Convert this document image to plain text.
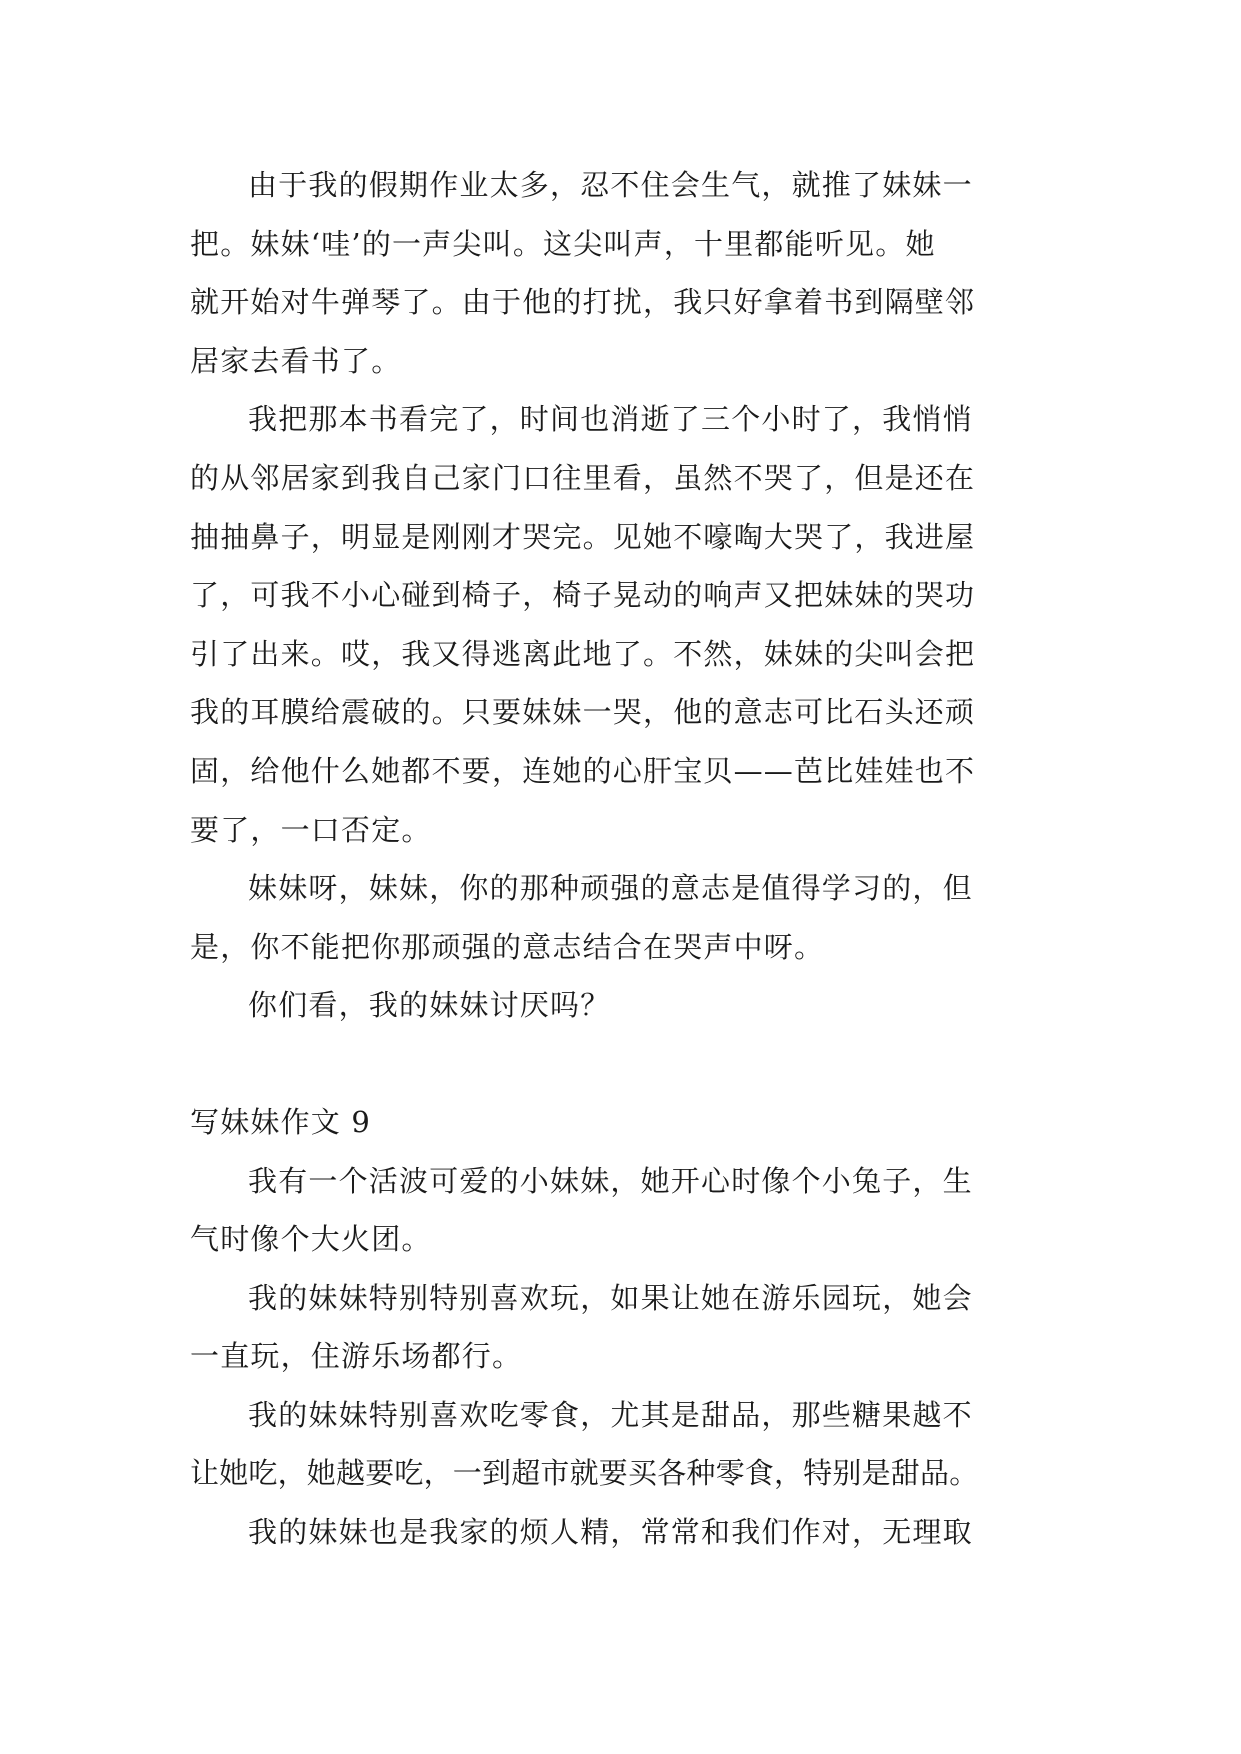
由于我的假期作业太多，忍不住会生气，就推了妹妹一
把。妹妹‘哇’的一声尖叫。这尖叫声，十里都能听见。她
就开始对牛弹琴了。由于他的打扰，我只好拿着书到隔壁邻
居家去看书了。

我把那本书看完了，时间也消逝了三个小时了，我悄悄
的从邻居家到我自己家门口往里看，虽然不哭了，但是还在
抽抽鼻子，明显是刚刚才哭完。见她不嚎啕大哭了，我进屋
了，可我不小心碰到椅子，椅子晃动的响声又把妹妹的哭功
引了出来。哎，我又得逃离此地了。不然，妹妹的尖叫会把
我的耳膜给震破的。只要妹妹一哭，他的意志可比石头还顽
固，给他什么她都不要，连她的心肝宝贝——芭比娃娃也不
要了，一口否定。

妹妹呀，妹妹，你的那种顽强的意志是值得学习的，但
是，你不能把你那顽强的意志结合在哭声中呀。

你们看，我的妹妹讨厌吗？

写妹妹作文 9

我有一个活波可爱的小妹妹，她开心时像个小兔子，生
气时像个大火团。

我的妹妹特别特别喜欢玩，如果让她在游乐园玩，她会
一直玩，住游乐场都行。

我的妹妹特别喜欢吃零食，尤其是甜品，那些糖果越不
让她吃，她越要吃，一到超市就要买各种零食，特别是甜品。

我的妹妹也是我家的烦人精，常常和我们作对，无理取
